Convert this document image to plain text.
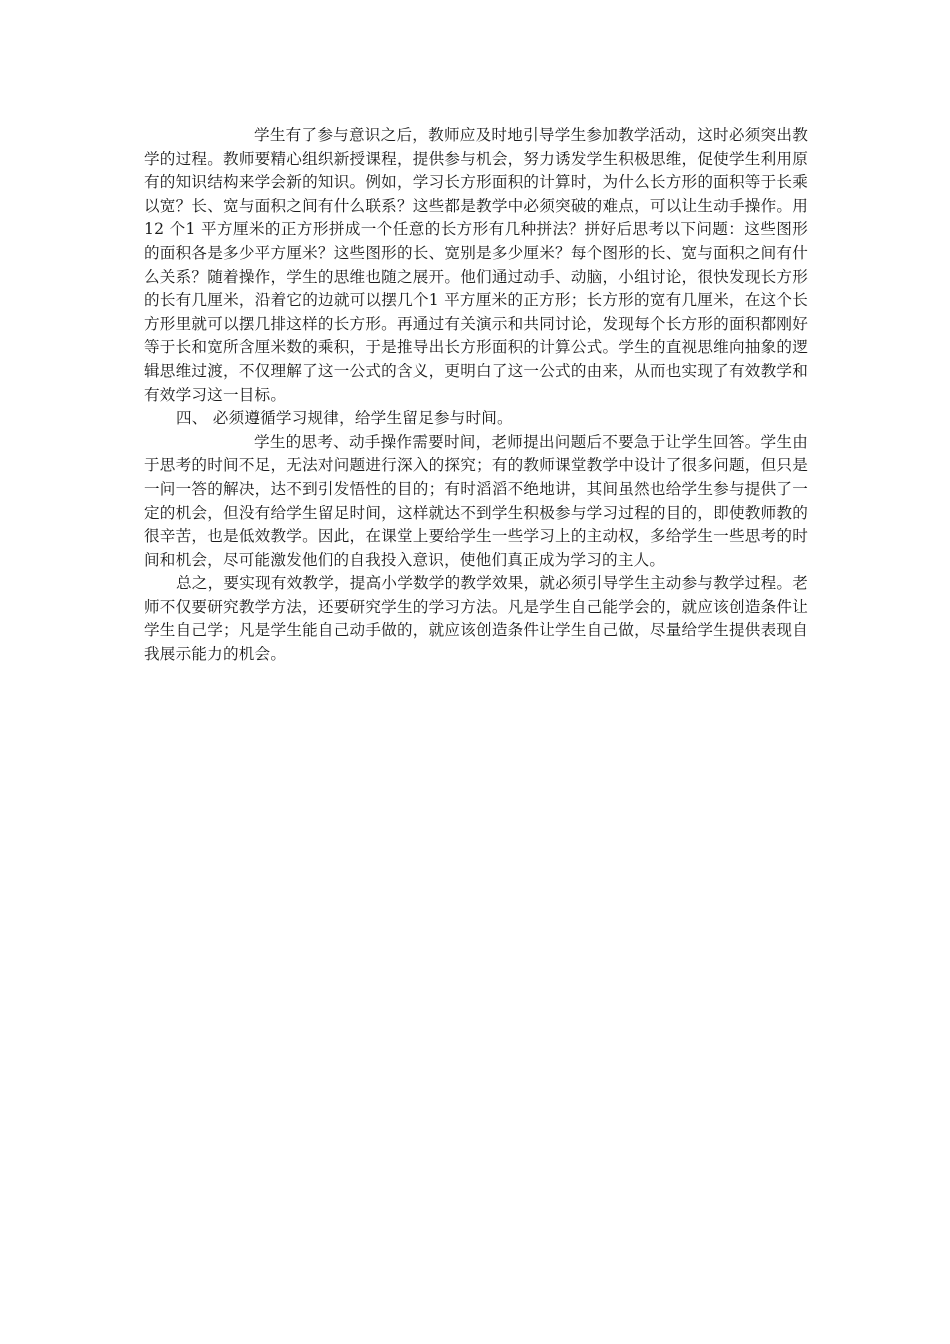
学生有了参与意识之后，教师应及时地引导学生参加教学活动，这时必须突出教学的过程。教师要精心组织新授课程，提供参与机会，努力诱发学生积极思维，促使学生利用原有的知识结构来学会新的知识。例如，学习长方形面积的计算时，为什么长方形的面积等于长乘以宽？长、宽与面积之间有什么联系？这些都是教学中必须突破的难点，可以让生动手操作。用12 个1 平方厘米的正方形拼成一个任意的长方形有几种拼法？拼好后思考以下问题：这些图形的面积各是多少平方厘米？这些图形的长、宽别是多少厘米？每个图形的长、宽与面积之间有什么关系？随着操作，学生的思维也随之展开。他们通过动手、动脑，小组讨论，很快发现长方形的长有几厘米，沿着它的边就可以摆几个1 平方厘米的正方形；长方形的宽有几厘米，在这个长方形里就可以摆几排这样的长方形。再通过有关演示和共同讨论，发现每个长方形的面积都刚好等于长和宽所含厘米数的乘积，于是推导出长方形面积的计算公式。学生的直视思维向抽象的逻辑思维过渡，不仅理解了这一公式的含义，更明白了这一公式的由来，从而也实现了有效教学和有效学习这一目标。

四、 必须遵循学习规律，给学生留足参与时间。

学生的思考、动手操作需要时间，老师提出问题后不要急于让学生回答。学生由于思考的时间不足，无法对问题进行深入的探究；有的教师课堂教学中设计了很多问题，但只是一问一答的解决，达不到引发悟性的目的；有时滔滔不绝地讲，其间虽然也给学生参与提供了一定的机会，但没有给学生留足时间，这样就达不到学生积极参与学习过程的目的，即使教师教的很辛苦，也是低效教学。因此，在课堂上要给学生一些学习上的主动权，多给学生一些思考的时间和机会，尽可能激发他们的自我投入意识，使他们真正成为学习的主人。

总之，要实现有效教学，提高小学数学的教学效果，就必须引导学生主动参与教学过程。老师不仅要研究教学方法，还要研究学生的学习方法。凡是学生自己能学会的，就应该创造条件让学生自己学；凡是学生能自己动手做的，就应该创造条件让学生自己做，尽量给学生提供表现自我展示能力的机会。
